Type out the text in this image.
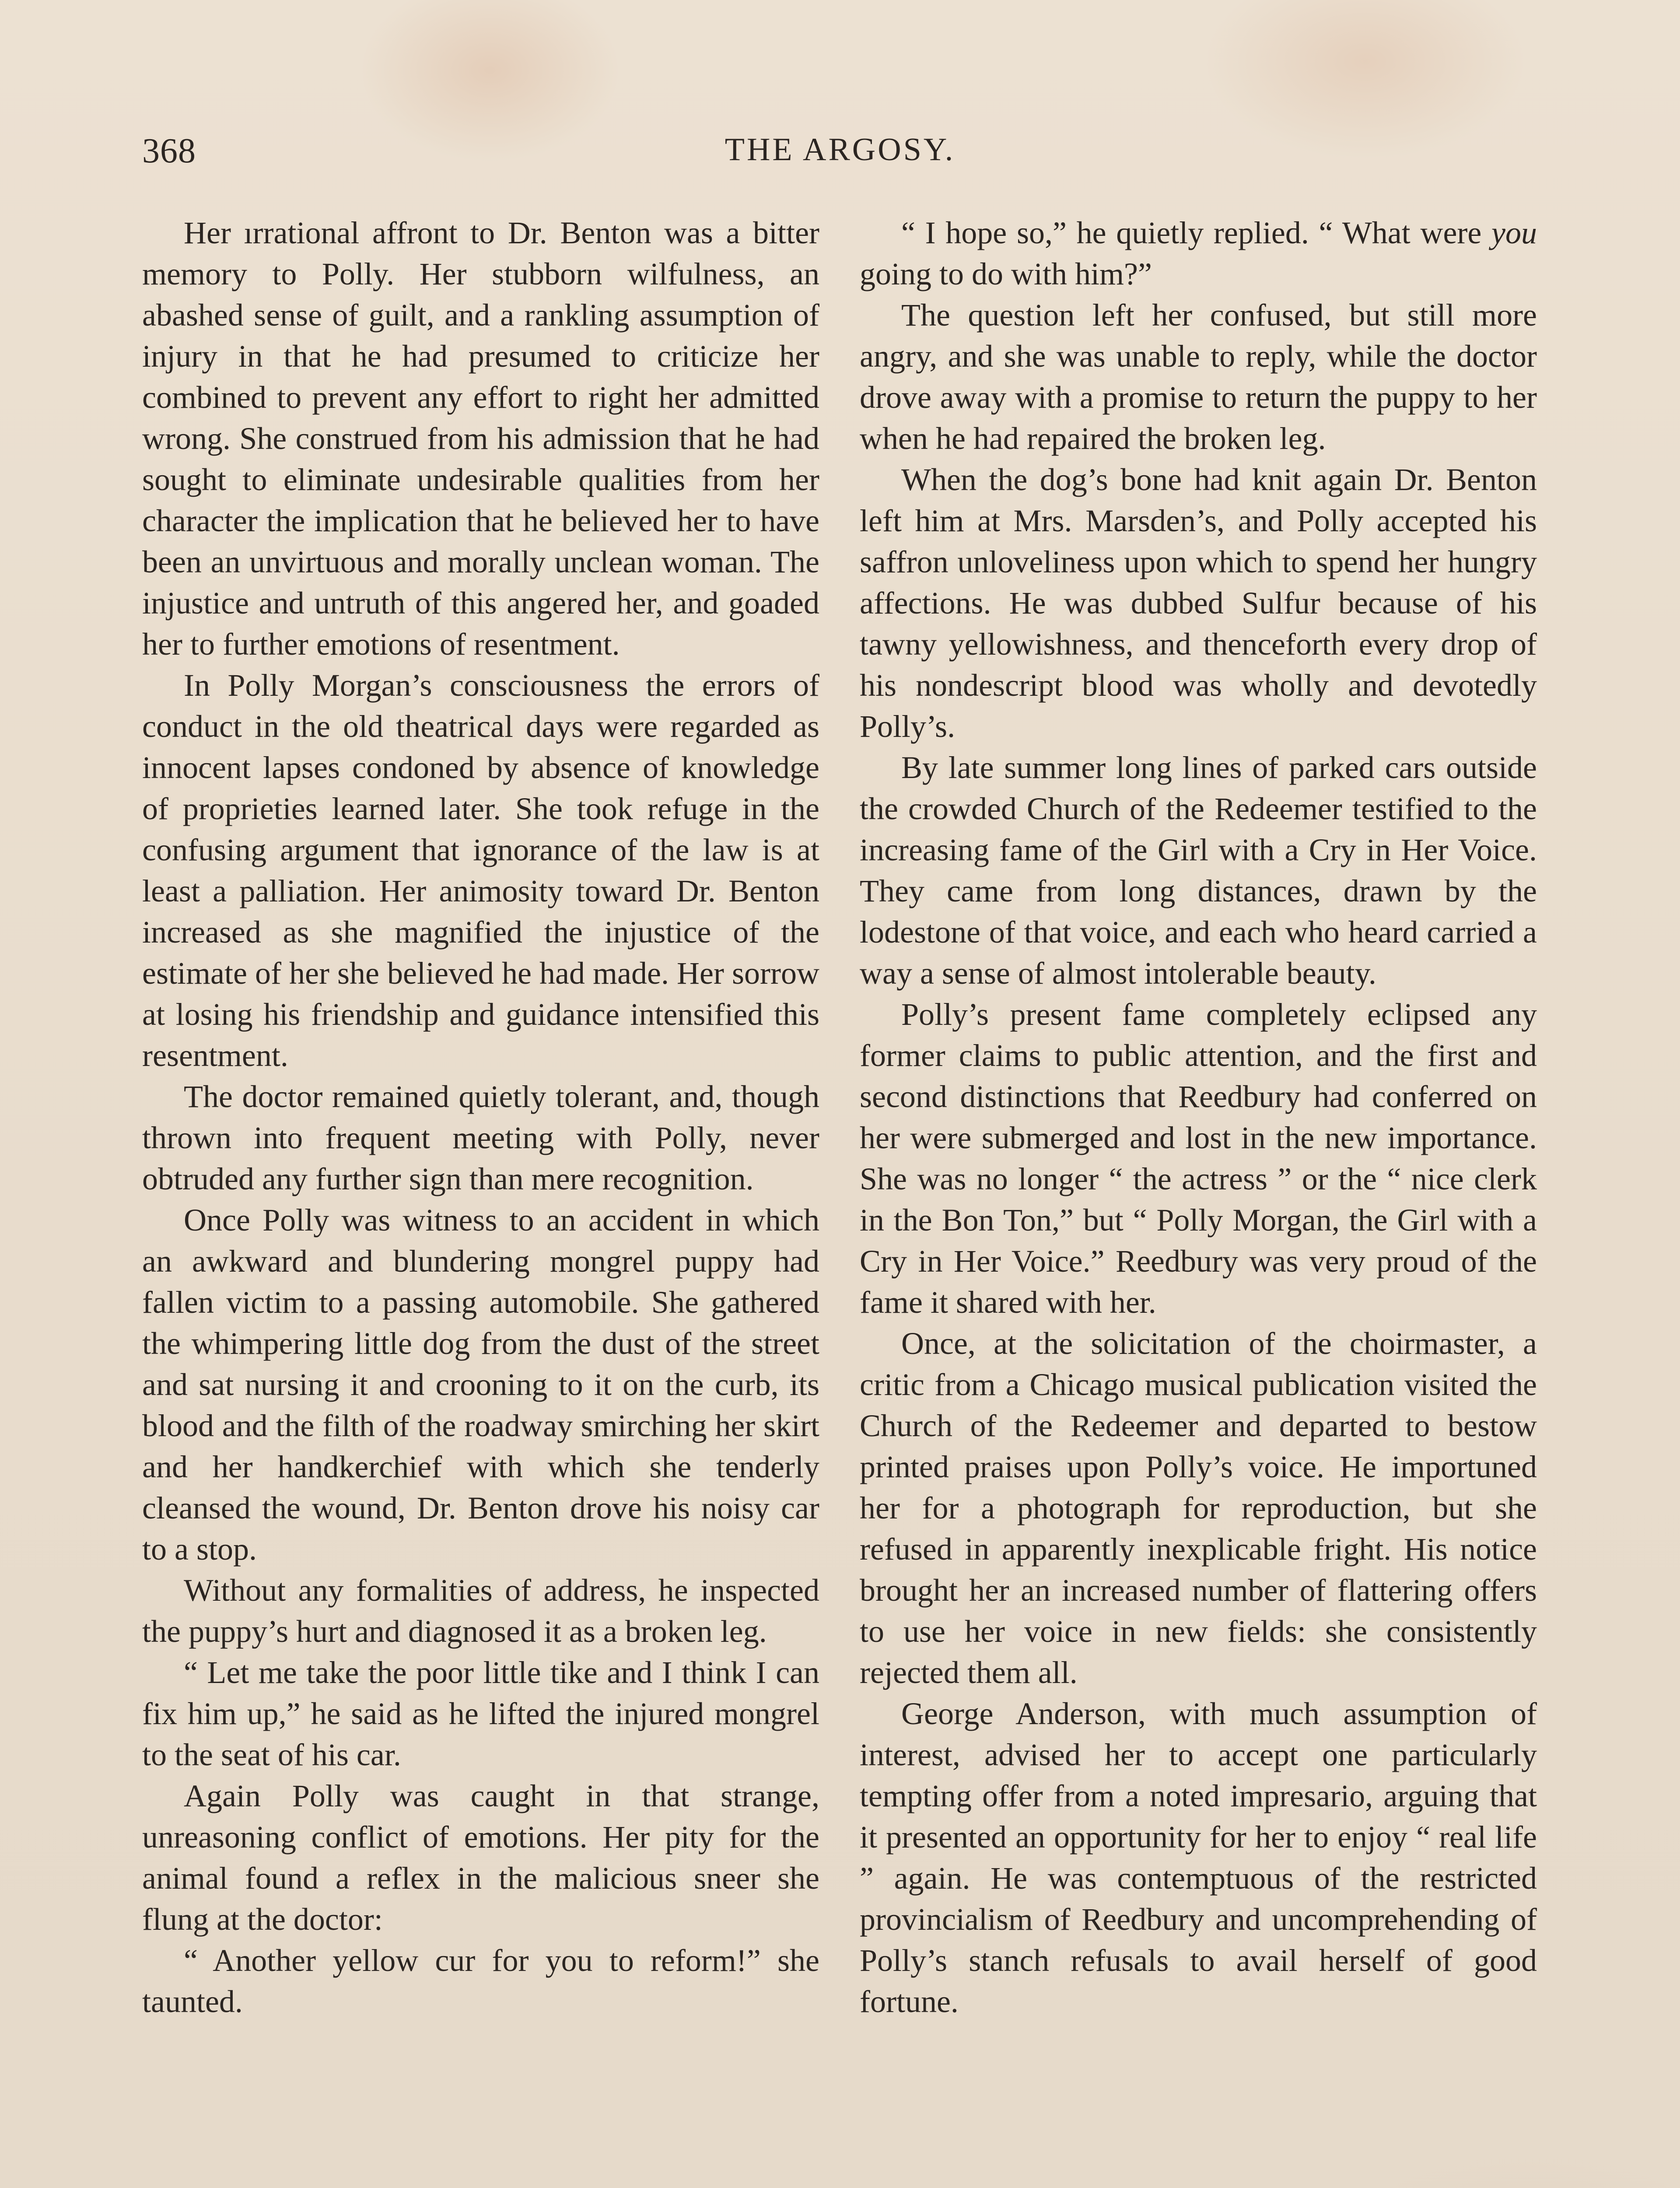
368	THE ARGOSY.

Her ırrational affront to Dr. Benton was a bitter memory to Polly. Her stubborn wilfulness, an abashed sense of guilt, and a rankling assumption of injury in that he had presumed to criticize her combined to prevent any effort to right her admitted wrong. She construed from his admission that he had sought to eliminate undesirable qualities from her character the implication that he believed her to have been an unvirtuous and morally unclean woman. The injustice and untruth of this angered her, and goaded her to further emotions of resentment.

In Polly Morgan’s consciousness the errors of conduct in the old theatrical days were regarded as innocent lapses condoned by absence of knowledge of proprieties learned later. She took refuge in the confusing argument that ignorance of the law is at least a palliation. Her animosity toward Dr. Benton increased as she magnified the injustice of the estimate of her she believed he had made. Her sorrow at losing his friendship and guidance intensified this resentment.

The doctor remained quietly tolerant, and, though thrown into frequent meeting with Polly, never obtruded any further sign than mere recognition.

Once Polly was witness to an accident in which an awkward and blundering mongrel puppy had fallen victim to a passing automobile. She gathered the whimpering little dog from the dust of the street and sat nursing it and crooning to it on the curb, its blood and the filth of the roadway smirching her skirt and her handkerchief with which she tenderly cleansed the wound, Dr. Benton drove his noisy car to a stop.

Without any formalities of address, he inspected the puppy’s hurt and diagnosed it as a broken leg.

“ Let me take the poor little tike and I think I can fix him up,” he said as he lifted the injured mongrel to the seat of his car.

Again Polly was caught in that strange, unreasoning conflict of emotions. Her pity for the animal found a reflex in the malicious sneer she flung at the doctor:

“ Another yellow cur for you to reform!” she taunted.

“ I hope so,” he quietly replied. “ What were you going to do with him?”

The question left her confused, but still more angry, and she was unable to reply, while the doctor drove away with a promise to return the puppy to her when he had repaired the broken leg.

When the dog’s bone had knit again Dr. Benton left him at Mrs. Marsden’s, and Polly accepted his saffron unloveliness upon which to spend her hungry affections. He was dubbed Sulfur because of his tawny yellowishness, and thenceforth every drop of his nondescript blood was wholly and devotedly Polly’s.

By late summer long lines of parked cars outside the crowded Church of the Redeemer testified to the increasing fame of the Girl with a Cry in Her Voice. They came from long distances, drawn by the lodestone of that voice, and each who heard carried a way a sense of almost intolerable beauty.

Polly’s present fame completely eclipsed any former claims to public attention, and the first and second distinctions that Reedbury had conferred on her were submerged and lost in the new importance. She was no longer “ the actress ” or the “ nice clerk in the Bon Ton,” but “ Polly Morgan, the Girl with a Cry in Her Voice.” Reedbury was very proud of the fame it shared with her.

Once, at the solicitation of the choirmaster, a critic from a Chicago musical publication visited the Church of the Redeemer and departed to bestow printed praises upon Polly’s voice. He importuned her for a photograph for reproduction, but she refused in apparently inexplicable fright. His notice brought her an increased number of flattering offers to use her voice in new fields: she consistently rejected them all.

George Anderson, with much assumption of interest, advised her to accept one particularly tempting offer from a noted impresario, arguing that it presented an opportunity for her to enjoy “ real life ” again. He was contemptuous of the restricted provincialism of Reedbury and uncomprehending of Polly’s stanch refusals to avail herself of good fortune.
